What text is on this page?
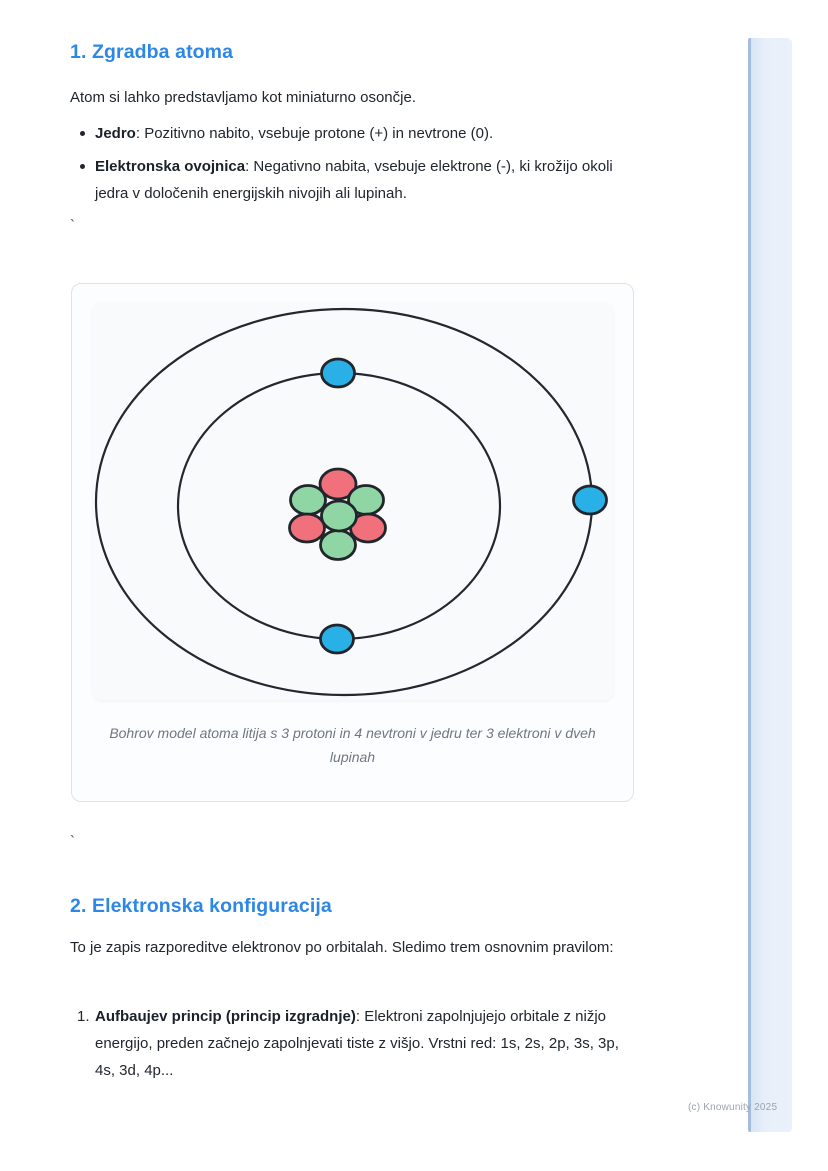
1. Zgradba atoma

Atom si lahko predstavljamo kot miniaturno osončje.

Jedro: Pozitivno nabito, vsebuje protone (+) in nevtrone (0).
Elektronska ovojnica: Negativno nabita, vsebuje elektrone (-), ki krožijo okoli jedra v določenih energijskih nivojih ali lupinah.
`
Bohrov model atoma litija s 3 protoni in 4 nevtroni v jedru ter 3 elektroni v dveh lupinah
`
2. Elektronska konfiguracija

To je zapis razporeditve elektronov po orbitalah. Sledimo trem osnovnim pravilom:

1. Aufbaujev princip (princip izgradnje): Elektroni zapolnjujejo orbitale z nižjo energijo, preden začnejo zapolnjevati tiste z višjo. Vrstni red: 1s, 2s, 2p, 3s, 3p, 4s, 3d, 4p...
(c) Knowunity 2025
